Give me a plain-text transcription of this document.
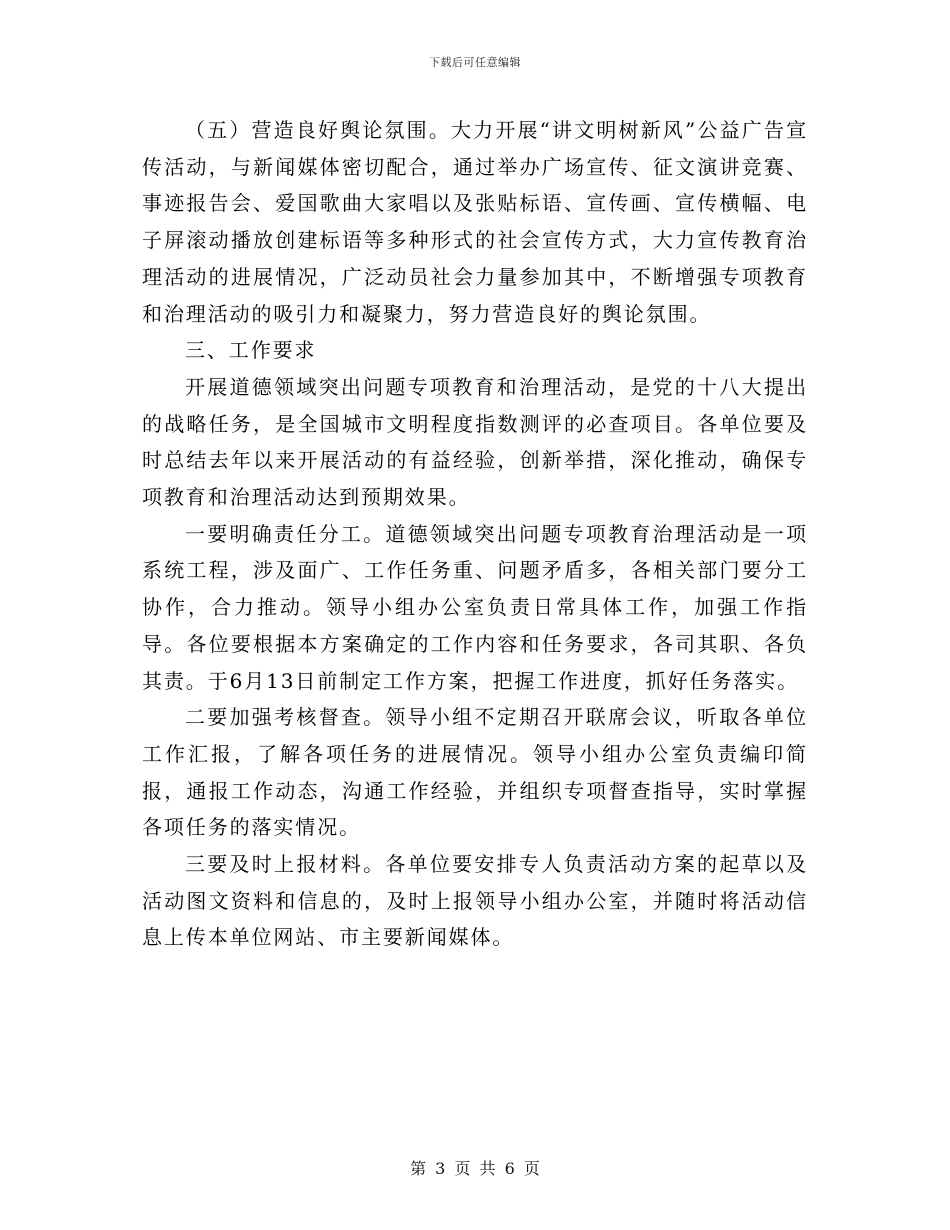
下载后可任意编辑

（五）营造良好舆论氛围。大力开展“讲文明树新风”公益广告宣传活动，与新闻媒体密切配合，通过举办广场宣传、征文演讲竞赛、事迹报告会、爱国歌曲大家唱以及张贴标语、宣传画、宣传横幅、电子屏滚动播放创建标语等多种形式的社会宣传方式，大力宣传教育治理活动的进展情况，广泛动员社会力量参加其中，不断增强专项教育和治理活动的吸引力和凝聚力，努力营造良好的舆论氛围。

三、工作要求

开展道德领域突出问题专项教育和治理活动，是党的十八大提出的战略任务，是全国城市文明程度指数测评的必查项目。各单位要及时总结去年以来开展活动的有益经验，创新举措，深化推动，确保专项教育和治理活动达到预期效果。

一要明确责任分工。道德领域突出问题专项教育治理活动是一项系统工程，涉及面广、工作任务重、问题矛盾多，各相关部门要分工协作，合力推动。领导小组办公室负责日常具体工作，加强工作指导。各位要根据本方案确定的工作内容和任务要求，各司其职、各负其责。于6月13日前制定工作方案，把握工作进度，抓好任务落实。

二要加强考核督查。领导小组不定期召开联席会议，听取各单位工作汇报，了解各项任务的进展情况。领导小组办公室负责编印简报，通报工作动态，沟通工作经验，并组织专项督查指导，实时掌握各项任务的落实情况。

三要及时上报材料。各单位要安排专人负责活动方案的起草以及活动图文资料和信息的，及时上报领导小组办公室，并随时将活动信息上传本单位网站、市主要新闻媒体。

第 3 页 共 6 页
